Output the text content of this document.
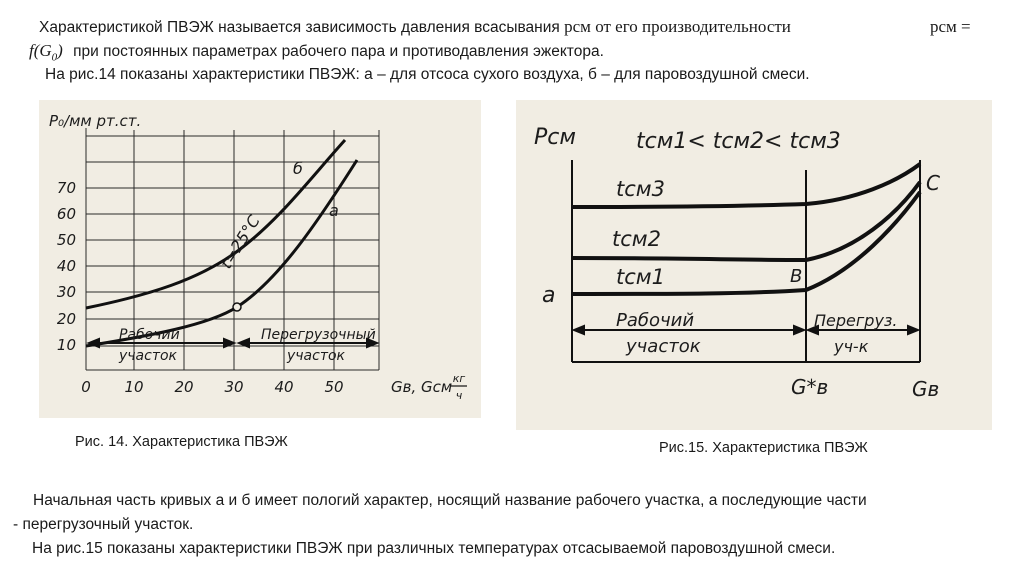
Характеристикой ПВЭЖ называется зависимость давления всасывания pсм от его производительности	pсм =
$f(G_0)$ при постоянных параметрах рабочего пара и противодавления эжектора.
На рис.14 показаны характеристики ПВЭЖ: а – для отсоса сухого воздуха, б – для паровоздушной смеси.
10
20
30
40
50
60
70
0 10 20 30 40 50
P₀/мм рт.ст.
Gв, Gсм кг
ч
б
а
t=25°C
Рабочий
участок
Перегрузочный
участок
Pсм	tсм1< tсм2< tсм3
tсм3
tсм2
tсм1
a
B
C
Рабочий
участок
Перегруз.
уч-к
G*в	Gв
Рис. 14. Характеристика ПВЭЖ	Рис.15. Характеристика ПВЭЖ
Начальная часть кривых а и б имеет пологий характер, носящий название рабочего участка, а последующие части
- перегрузочный участок.
На рис.15 показаны характеристики ПВЭЖ при различных температурах отсасываемой паровоздушной смеси.
